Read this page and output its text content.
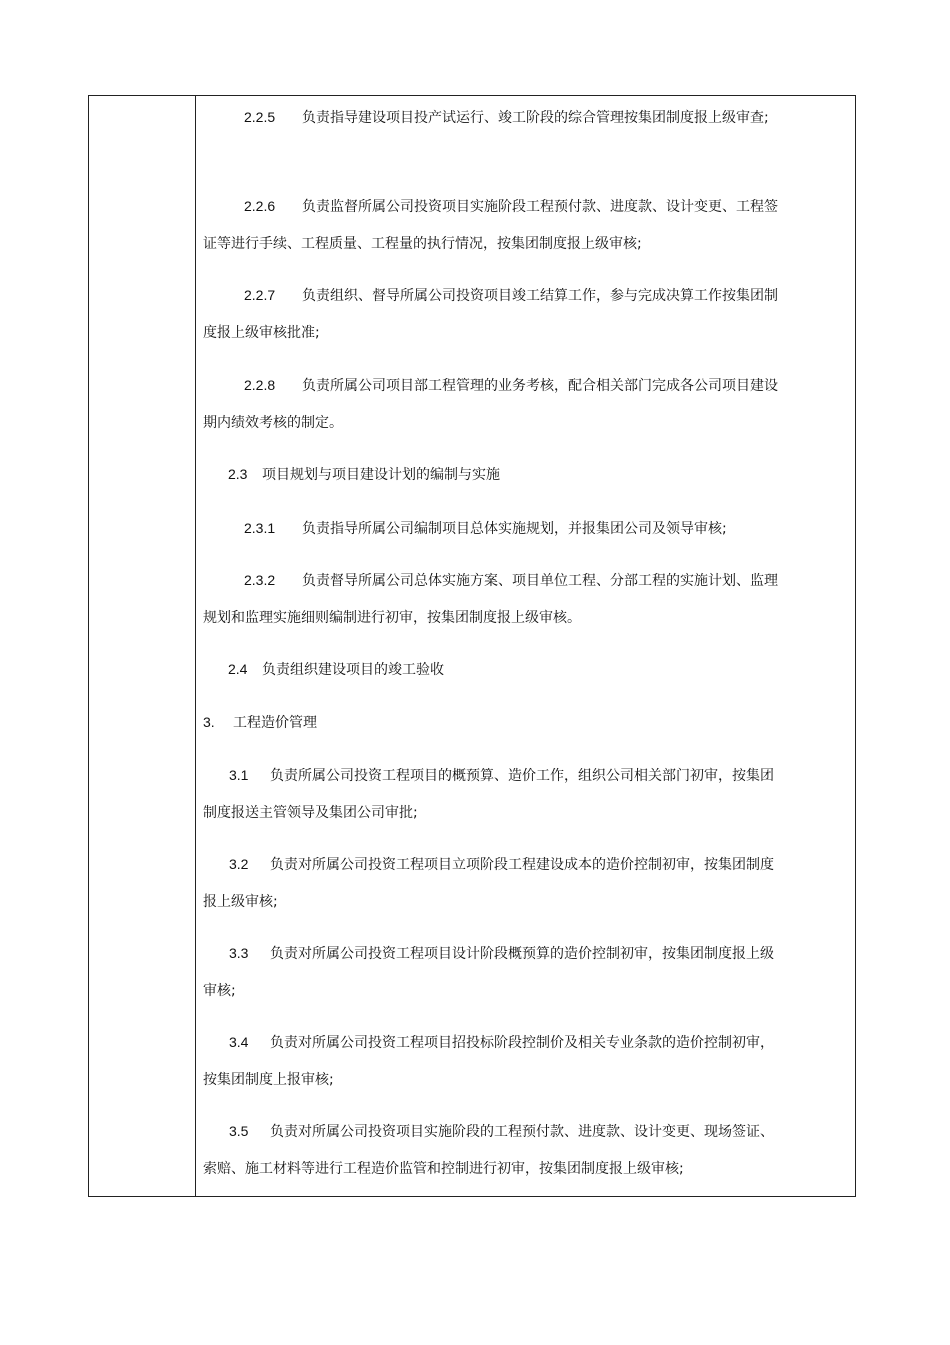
2.2.5 负责指导建设项目投产试运行、竣工阶段的综合管理按集团制度报上级审查;

2.2.6 负责监督所属公司投资项目实施阶段工程预付款、进度款、设计变更、工程签证等进行手续、工程质量、工程量的执行情况，按集团制度报上级审核;

2.2.7 负责组织、督导所属公司投资项目竣工结算工作，参与完成决算工作按集团制度报上级审核批准;

2.2.8 负责所属公司项目部工程管理的业务考核，配合相关部门完成各公司项目建设期内绩效考核的制定。

2.3 项目规划与项目建设计划的编制与实施

2.3.1 负责指导所属公司编制项目总体实施规划，并报集团公司及领导审核;

2.3.2 负责督导所属公司总体实施方案、项目单位工程、分部工程的实施计划、监理规划和监理实施细则编制进行初审，按集团制度报上级审核。

2.4 负责组织建设项目的竣工验收

3. 工程造价管理

3.1 负责所属公司投资工程项目的概预算、造价工作，组织公司相关部门初审，按集团制度报送主管领导及集团公司审批;

3.2 负责对所属公司投资工程项目立项阶段工程建设成本的造价控制初审，按集团制度报上级审核;

3.3 负责对所属公司投资工程项目设计阶段概预算的造价控制初审，按集团制度报上级审核;

3.4 负责对所属公司投资工程项目招投标阶段控制价及相关专业条款的造价控制初审，按集团制度上报审核;

3.5 负责对所属公司投资项目实施阶段的工程预付款、进度款、设计变更、现场签证、索赔、施工材料等进行工程造价监管和控制进行初审，按集团制度报上级审核;
